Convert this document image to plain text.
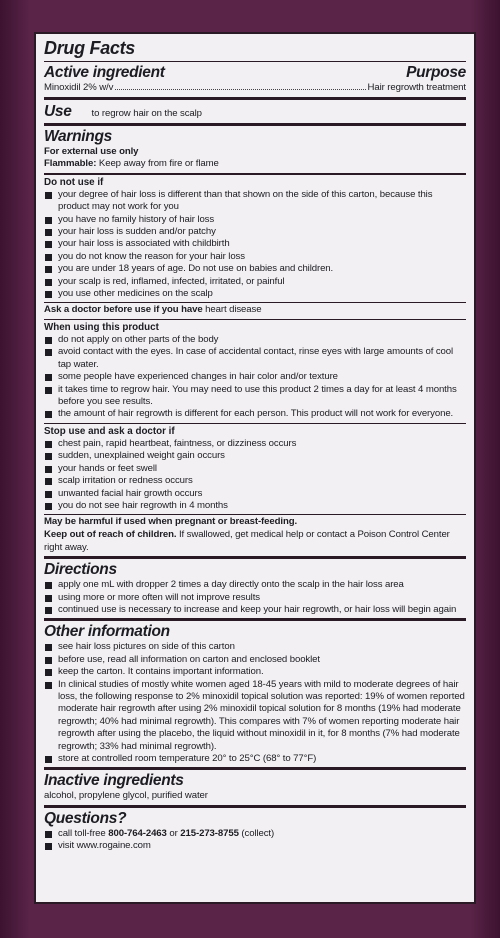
Drug Facts
Active ingredient	Purpose
Minoxidil 2% w/v	Hair regrowth treatment
Use to regrow hair on the scalp
Warnings
For external use only
Flammable: Keep away from fire or flame
Do not use if
your degree of hair loss is different than that shown on the side of this carton, because this product may not work for you
you have no family history of hair loss
your hair loss is sudden and/or patchy
your hair loss is associated with childbirth
you do not know the reason for your hair loss
you are under 18 years of age. Do not use on babies and children.
your scalp is red, inflamed, infected, irritated, or painful
you use other medicines on the scalp
Ask a doctor before use if you have heart disease
When using this product
do not apply on other parts of the body
avoid contact with the eyes. In case of accidental contact, rinse eyes with large amounts of cool tap water.
some people have experienced changes in hair color and/or texture
it takes time to regrow hair. You may need to use this product 2 times a day for at least 4 months before you see results.
the amount of hair regrowth is different for each person. This product will not work for everyone.
Stop use and ask a doctor if
chest pain, rapid heartbeat, faintness, or dizziness occurs
sudden, unexplained weight gain occurs
your hands or feet swell
scalp irritation or redness occurs
unwanted facial hair growth occurs
you do not see hair regrowth in 4 months
May be harmful if used when pregnant or breast-feeding.
Keep out of reach of children. If swallowed, get medical help or contact a Poison Control Center right away.
Directions
apply one mL with dropper 2 times a day directly onto the scalp in the hair loss area
using more or more often will not improve results
continued use is necessary to increase and keep your hair regrowth, or hair loss will begin again
Other information
see hair loss pictures on side of this carton
before use, read all information on carton and enclosed booklet
keep the carton. It contains important information.
In clinical studies of mostly white women aged 18-45 years with mild to moderate degrees of hair loss, the following response to 2% minoxidil topical solution was reported: 19% of women reported moderate hair regrowth after using 2% minoxidil topical solution for 8 months (19% had moderate regrowth; 40% had minimal regrowth). This compares with 7% of women reporting moderate hair regrowth after using the placebo, the liquid without minoxidil in it, for 8 months (7% had moderate regrowth; 33% had minimal regrowth).
store at controlled room temperature 20° to 25°C (68° to 77°F)
Inactive ingredients
alcohol, propylene glycol, purified water
Questions?
call toll-free 800-764-2463 or 215-273-8755 (collect)
visit www.rogaine.com
